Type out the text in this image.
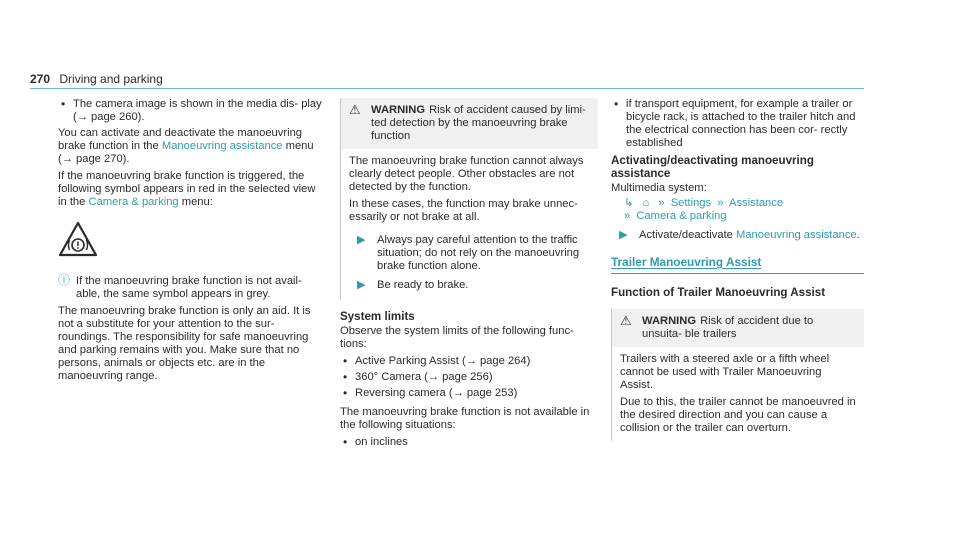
270 Driving and parking
• The camera image is shown in the media dis- play (→ page 260).

You can activate and deactivate the manoeuvring brake function in the Manoeuvring assistance menu (→ page 270).

If the manoeuvring brake function is triggered, the following symbol appears in red in the selected view in the Camera & parking menu:

ⓘ If the manoeuvring brake function is not avail- able, the same symbol appears in grey.

The manoeuvring brake function is only an aid. It is not a substitute for your attention to the sur- roundings. The responsibility for safe manoeuvring and parking remains with you. Make sure that no persons, animals or objects etc. are in the manoeuvring range.

⚠ WARNING Risk of accident caused by limi- ted detection by the manoeuvring brake function

The manoeuvring brake function cannot always clearly detect people. Other obstacles are not detected by the function.

In these cases, the function may brake unnec- essarily or not brake at all.

▶ Always pay careful attention to the traffic situation; do not rely on the manoeuvring brake function alone.
▶ Be ready to brake.
System limits

Observe the system limits of the following func- tions:

• Active Parking Assist (→ page 264)
• 360° Camera (→ page 256)
• Reversing camera (→ page 253)

The manoeuvring brake function is not available in the following situations:

• on inclines
• if transport equipment, for example a trailer or bicycle rack, is attached to the trailer hitch and the electrical connection has been cor- rectly established
Activating/deactivating manoeuvring assistance

Multimedia system:

↳ ⌂ » Settings » Assistance
» Camera & parking
▶ Activate/deactivate Manoeuvring assistance.
Trailer Manoeuvring Assist
Function of Trailer Manoeuvring Assist
⚠ WARNING Risk of accident due to unsuita- ble trailers

Trailers with a steered axle or a fifth wheel cannot be used with Trailer Manoeuvring Assist.

Due to this, the trailer cannot be manoeuvred in the desired direction and you can cause a collision or the trailer can overturn.
